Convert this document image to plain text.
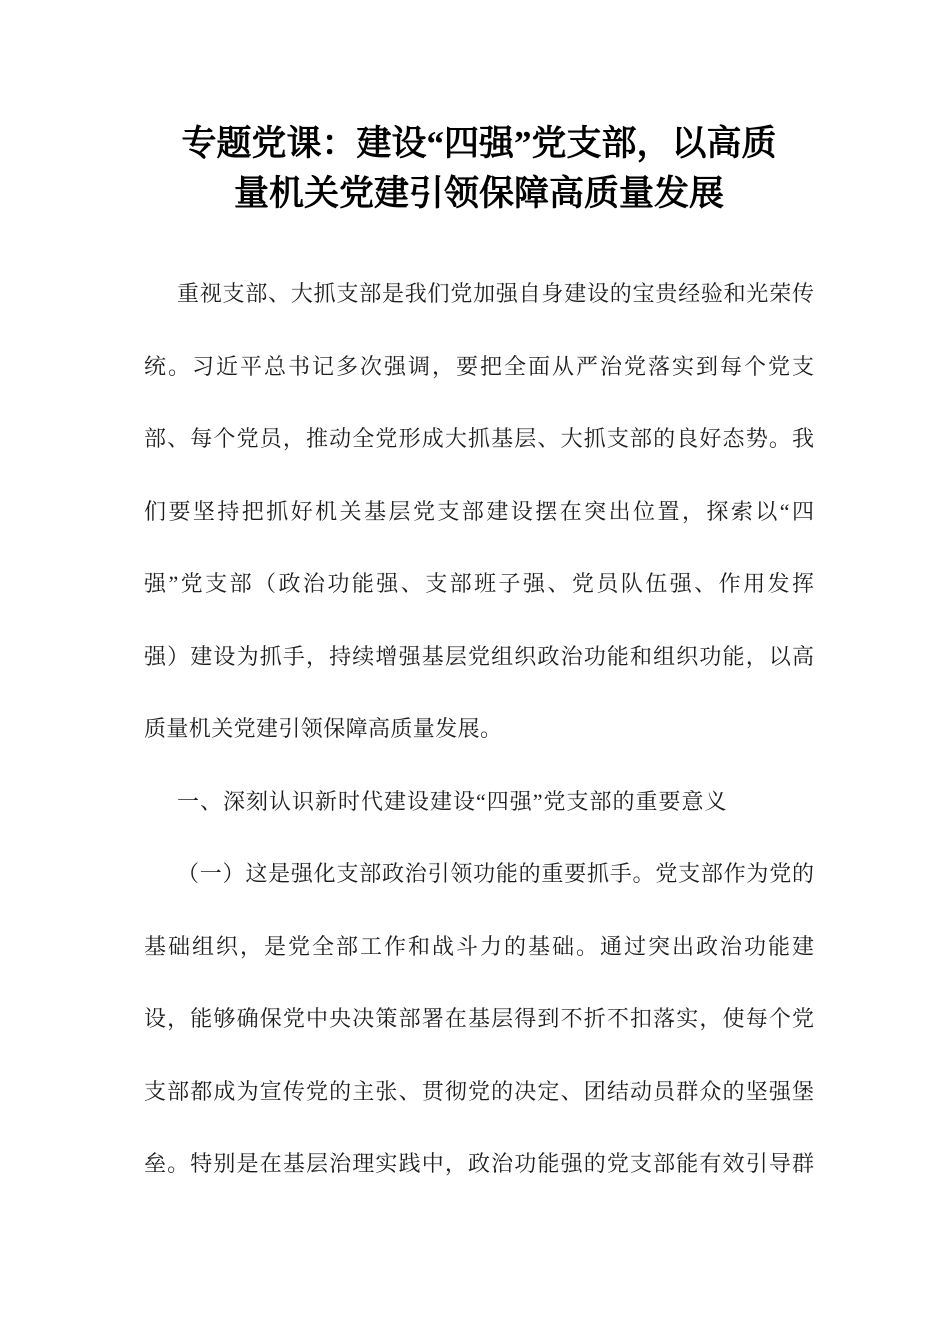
专题党课：建设“四强”党支部，以高质
量机关党建引领保障高质量发展
重视支部、大抓支部是我们党加强自身建设的宝贵经验和光荣传
统。习近平总书记多次强调，要把全面从严治党落实到每个党支
部、每个党员，推动全党形成大抓基层、大抓支部的良好态势。我
们要坚持把抓好机关基层党支部建设摆在突出位置，探索以“四
强”党支部（政治功能强、支部班子强、党员队伍强、作用发挥
强）建设为抓手，持续增强基层党组织政治功能和组织功能，以高
质量机关党建引领保障高质量发展。
一、深刻认识新时代建设建设“四强”党支部的重要意义
（一）这是强化支部政治引领功能的重要抓手。党支部作为党的
基础组织，是党全部工作和战斗力的基础。通过突出政治功能建
设，能够确保党中央决策部署在基层得到不折不扣落实，使每个党
支部都成为宣传党的主张、贯彻党的决定、团结动员群众的坚强堡
垒。特别是在基层治理实践中，政治功能强的党支部能有效引导群
